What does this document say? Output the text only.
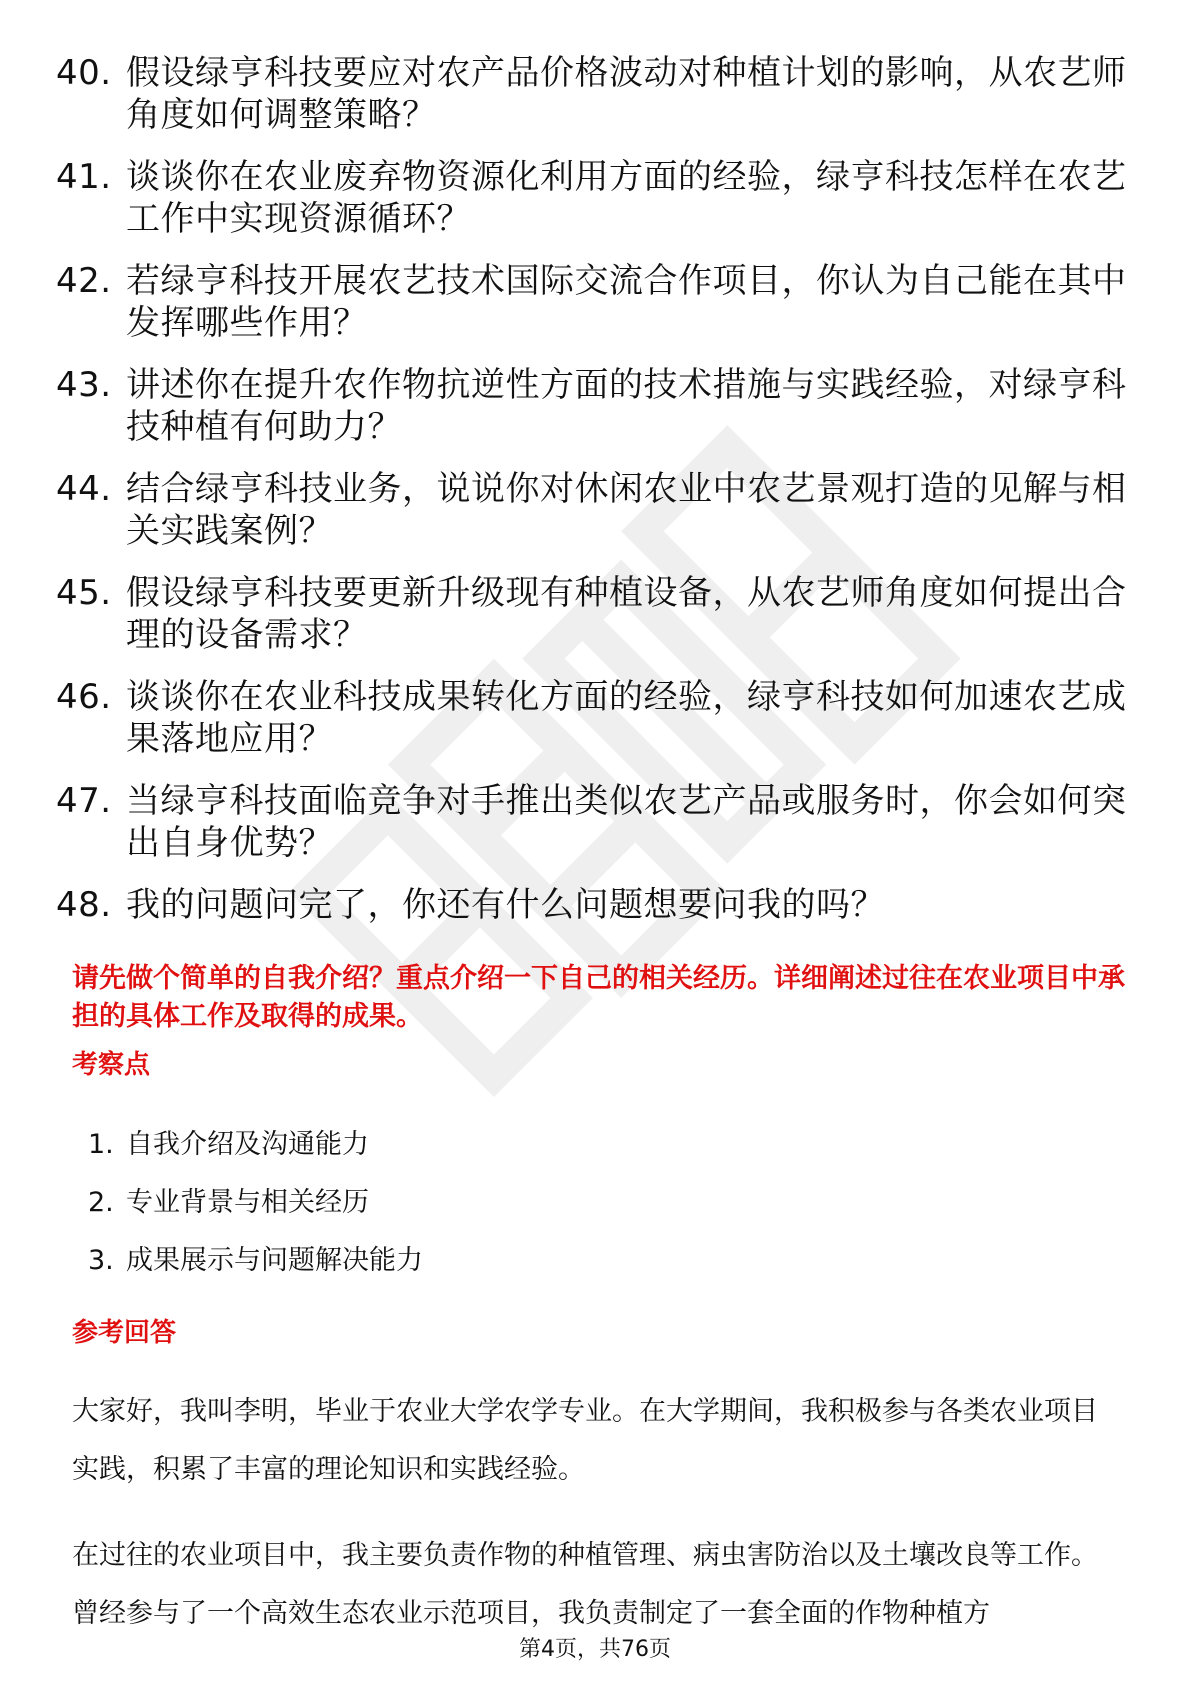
40. 假设绿亨科技要应对农产品价格波动对种植计划的影响，从农艺师角度如何调整策略？
41. 谈谈你在农业废弃物资源化利用方面的经验，绿亨科技怎样在农艺工作中实现资源循环？
42. 若绿亨科技开展农艺技术国际交流合作项目，你认为自己能在其中发挥哪些作用？
43. 讲述你在提升农作物抗逆性方面的技术措施与实践经验，对绿亨科技种植有何助力？
44. 结合绿亨科技业务，说说你对休闲农业中农艺景观打造的见解与相关实践案例？
45. 假设绿亨科技要更新升级现有种植设备，从农艺师角度如何提出合理的设备需求？
46. 谈谈你在农业科技成果转化方面的经验，绿亨科技如何加速农艺成果落地应用？
47. 当绿亨科技面临竞争对手推出类似农艺产品或服务时，你会如何突出自身优势？
48. 我的问题问完了，你还有什么问题想要问我的吗？
请先做个简单的自我介绍？重点介绍一下自己的相关经历。详细阐述过往在农业项目中承担的具体工作及取得的成果。
考察点
1. 自我介绍及沟通能力
2. 专业背景与相关经历
3. 成果展示与问题解决能力
参考回答

大家好，我叫李明，毕业于农业大学农学专业。在大学期间，我积极参与各类农业项目实践，积累了丰富的理论知识和实践经验。

在过往的农业项目中，我主要负责作物的种植管理、病虫害防治以及土壤改良等工作。曾经参与了一个高效生态农业示范项目，我负责制定了一套全面的作物种植方

第4页，共76页
